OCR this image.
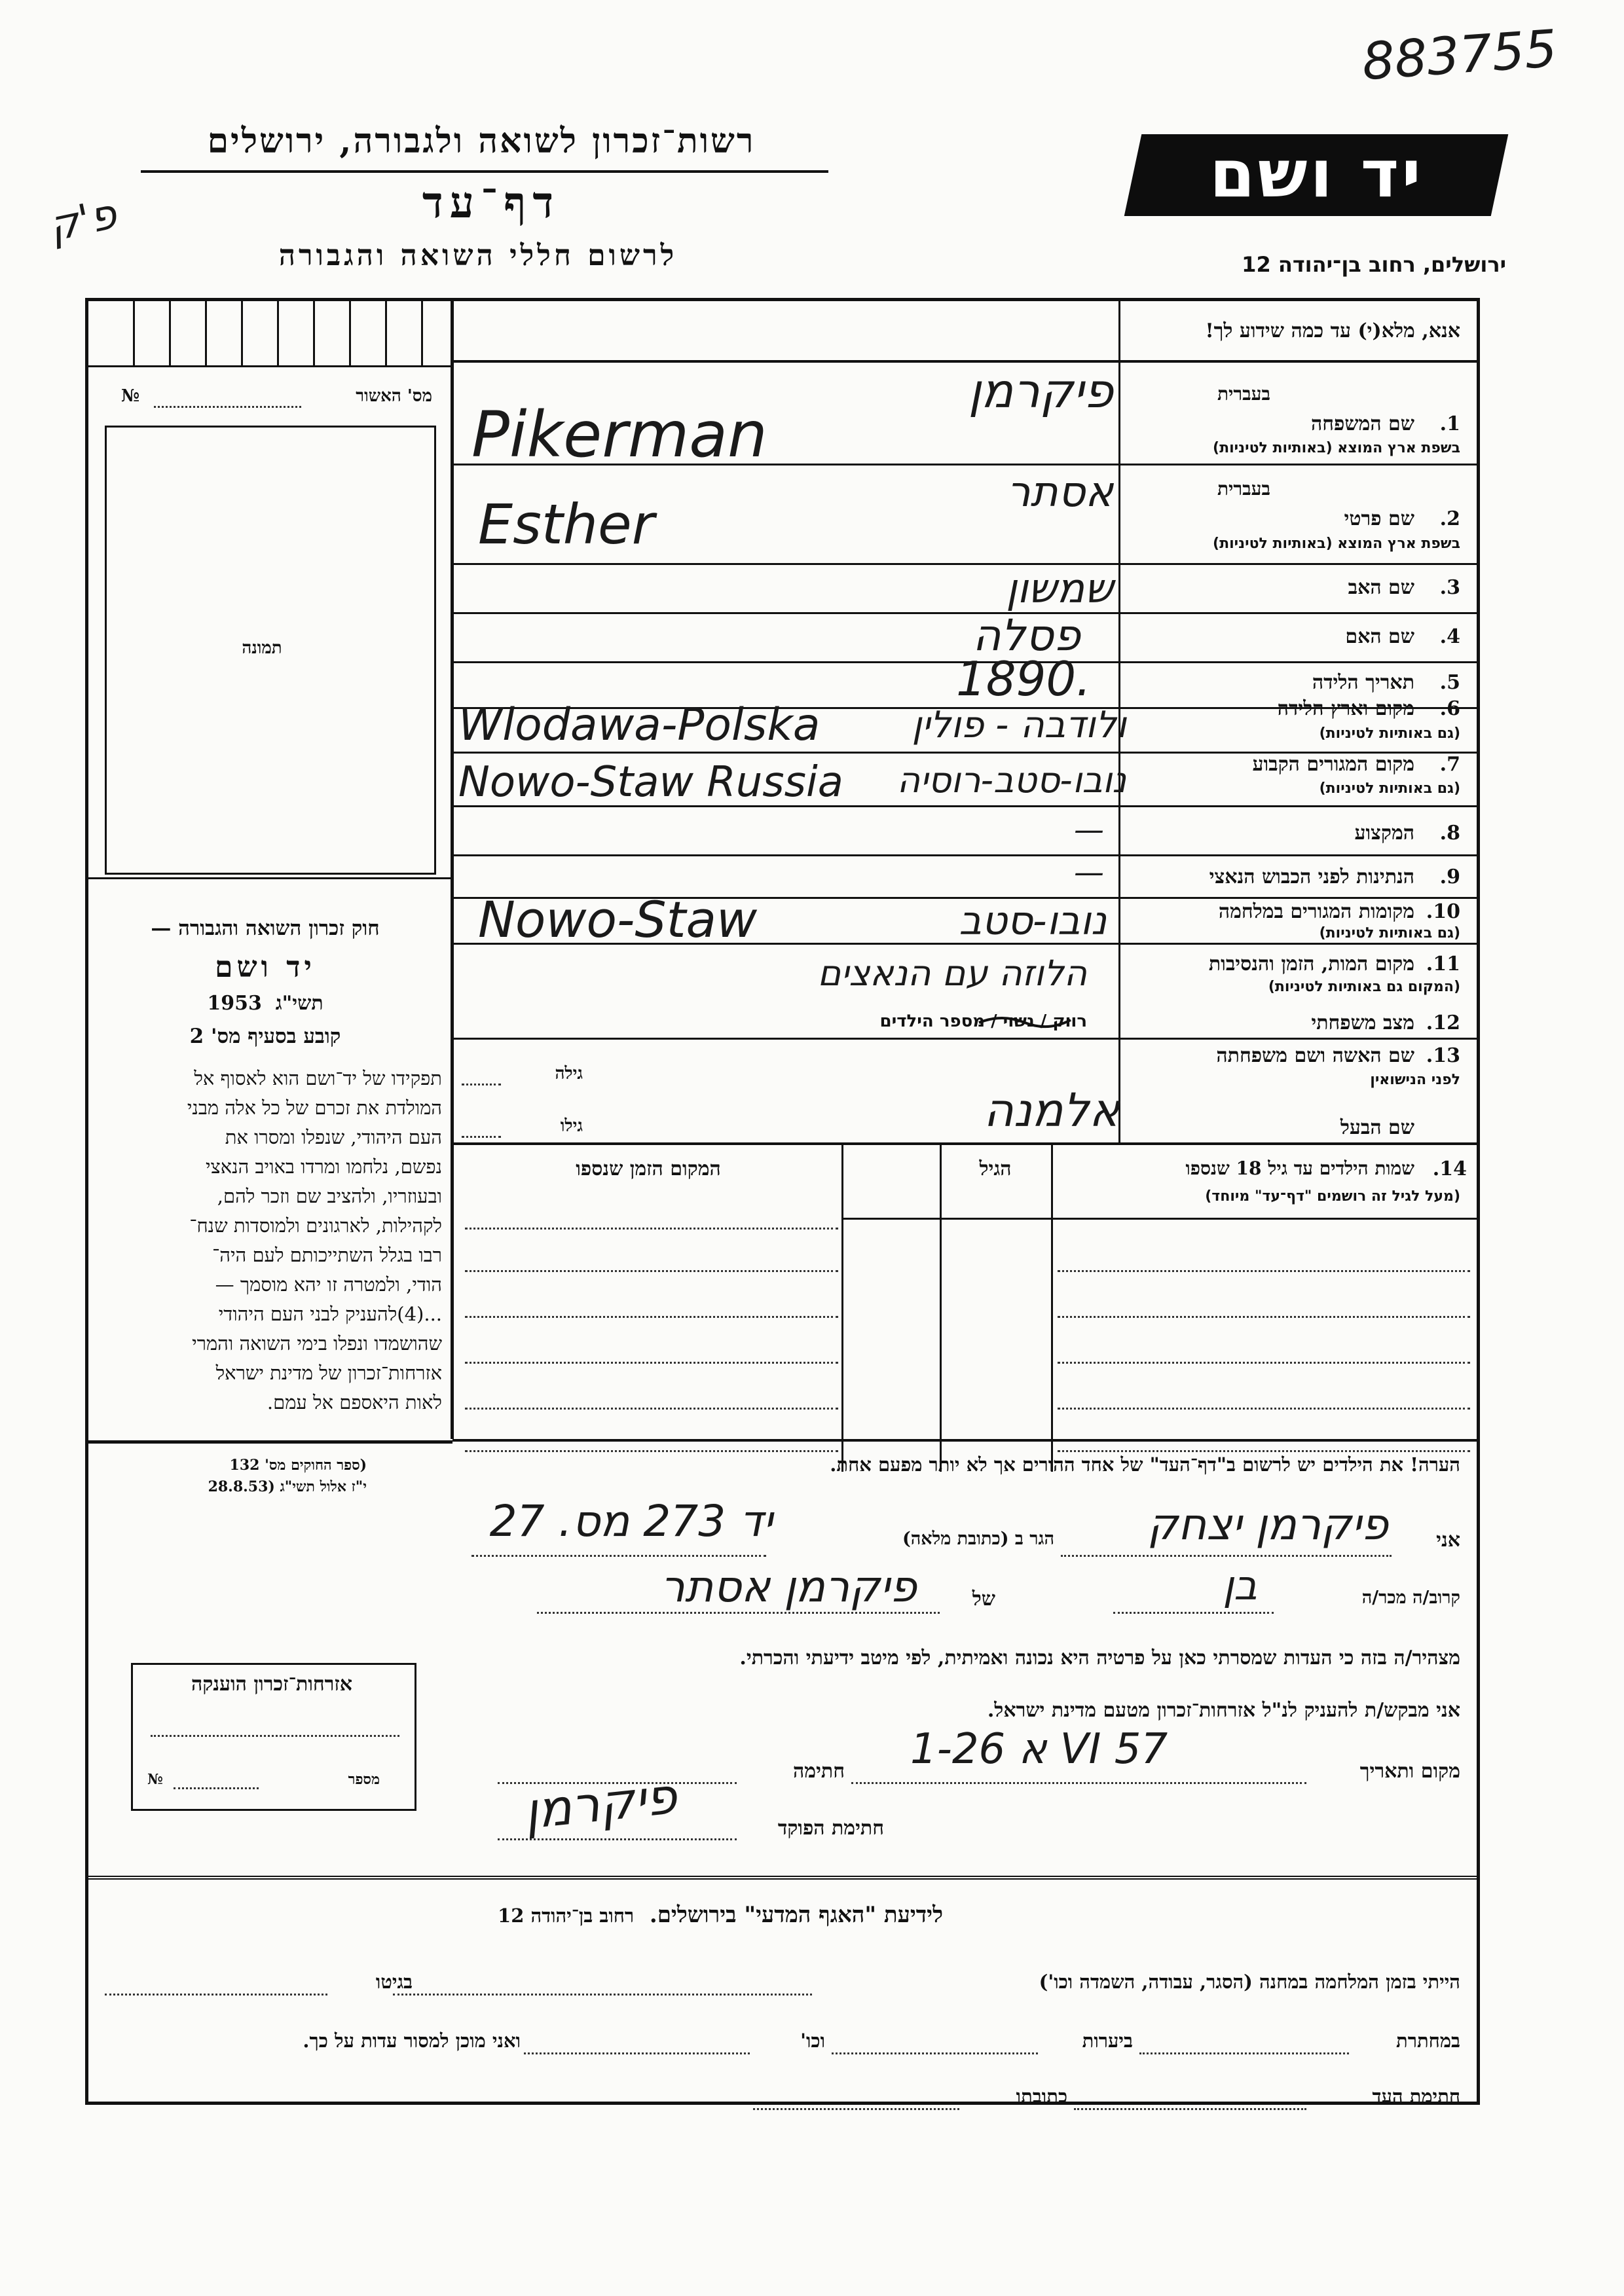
883755
פ'ק
רשות־זכרון לשואה ולגבורה, ירושלים
דף־עד
לרשום חללי השואה והגבורה
יד ושם
ירושלים, רחוב בן־יהודה 12
מס' האשור
№
תמונה
חוק זכרון השואה והגבורה —
יד ושם
תשי"ג  1953
קובע בסעיף מס' 2
תפקידו של יד־ושם הוא לאסוף אל
המולדת את זכרם של כל אלה מבני
העם היהודי, שנפלו ומסרו את
נפשם, נלחמו ומרדו באויב הנאצי
ובעוזריו, ולהציב שם וזכר להם,
לקהילות, לארגונים ולמוסדות שנח־
רבו בגלל השתייכותם לעם היה־
הודי, ולמטרה זו יהא מוסמך —
...(4)להעניק לבני העם היהודי
שהושמדו ונפלו בימי השואה והמרי
אזרחות־זכרון של מדינת ישראל
לאות היאספם אל עמם.
(ספר החוקים מס' 132
י"ז אלול תשי"ג (28.8.53
אזרחות־זכרון הוענקה
מספר
№
אנא, מלא(י) עד כמה שידוע לך!
בעברית
1.
שם המשפחה
בשפת ארץ המוצא (באותיות לטיניות)
פיקרמן
Pikerman
בעברית
2.
שם פרטי
בשפת ארץ המוצא (באותיות לטיניות)
אסתר
Esther
3.
שם האב
שמשון
4.
שם האם
פסלה
5.
תאריך הלידה
1890.
6.
מקום וארץ הלידה
(גם באותיות לטיניות)
ולודבה - פולין
Wlodawa-Polska
7.
מקום המגורים הקבוע
(גם באותיות לטיניות)
נובו-סטב-רוסיה
Nowo-Staw Russia
8.
המקצוע
—
9.
הנתינות לפני הכבוש הנאצי
—
10.
מקומות המגורים במלחמה
(גם באותיות לטיניות)
נובו-סטב
Nowo-Staw
11.
מקום המות, הזמן והנסיבות
(המקום גם באותיות לטיניות)
הלוזה עם הנאצים
12.
מצב משפחתי
רווק / נשוי / מספר הילדים
13.
שם האשה ושם משפחתה
לפני הנישואין
גילה
שם הבעל
גילו	אלמנה
14.
שמות הילדים עד גיל 18 שנספו
(מעל לגיל זה רושמים "דף־עד" מיוחד)
הגיל
המקום הזמן שנספו
הערה! את הילדים יש לרשום ב"דף־העד" של אחד ההורים אך לא יותר מפעם אחת.
אני
פיקרמן יצחק
הגר ב (כתובת מלאה)
יד 273 מס. 27
קרוב/ה מכר/ה
בן
של
פיקרמן אסתר
מצהיר/ה בזה כי העדות שמסרתי כאן על פרטיה היא נכונה ואמיתית, לפי מיטב ידיעתי והכרתי.
אני מבקש/ת להעניק לנ"ל אזרחות־זכרון מטעם מדינת ישראל.
מקום ותאריך
1-א 26 VI 57
חתימה
חתימת הפוקד
פיקרמן
לידיעת "האגף המדעי" בירושלים.  רחוב בן־יהודה 12
הייתי בזמן המלחמה במחנה (הסגר, עבודה, השמדה וכו')
בגיטו
במחתרת
ביערות
וכו'
ואני מוכן למסור עדות על כך.
חתימת העד
כתובתו
